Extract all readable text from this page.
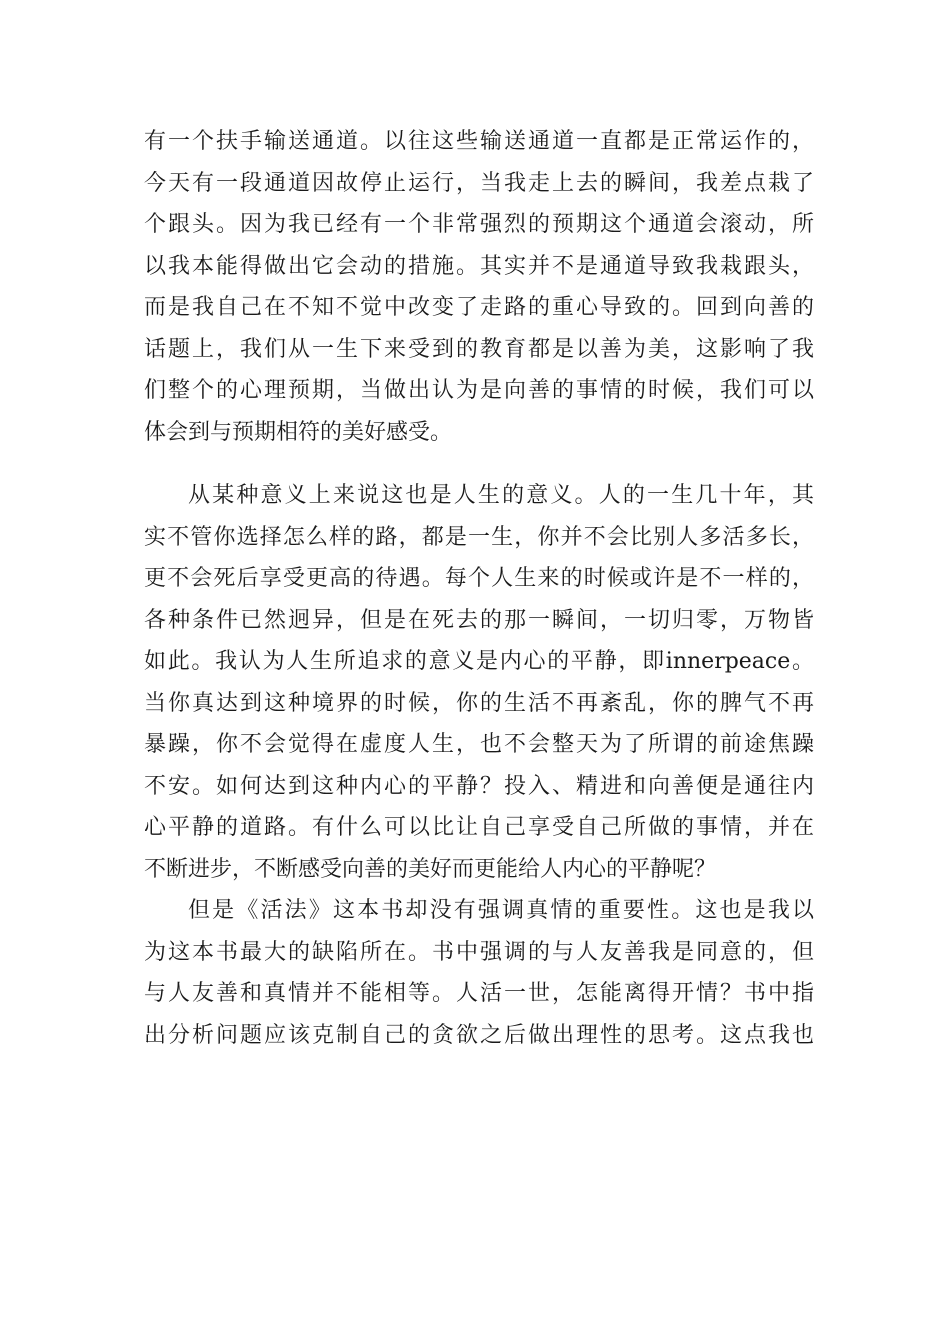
有一个扶手输送通道。以往这些输送通道一直都是正常运作的，
今天有一段通道因故停止运行，当我走上去的瞬间，我差点栽了
个跟头。因为我已经有一个非常强烈的预期这个通道会滚动，所
以我本能得做出它会动的措施。其实并不是通道导致我栽跟头，
而是我自己在不知不觉中改变了走路的重心导致的。回到向善的
话题上，我们从一生下来受到的教育都是以善为美，这影响了我
们整个的心理预期，当做出认为是向善的事情的时候，我们可以
体会到与预期相符的美好感受。
从某种意义上来说这也是人生的意义。人的一生几十年，其
实不管你选择怎么样的路，都是一生，你并不会比别人多活多长，
更不会死后享受更高的待遇。每个人生来的时候或许是不一样的，
各种条件已然迥异，但是在死去的那一瞬间，一切归零，万物皆
如此。我认为人生所追求的意义是内心的平静，即innerpeace。
当你真达到这种境界的时候，你的生活不再紊乱，你的脾气不再
暴躁，你不会觉得在虚度人生，也不会整天为了所谓的前途焦躁
不安。如何达到这种内心的平静？投入、精进和向善便是通往内
心平静的道路。有什么可以比让自己享受自己所做的事情，并在
不断进步，不断感受向善的美好而更能给人内心的平静呢？
但是《活法》这本书却没有强调真情的重要性。这也是我以
为这本书最大的缺陷所在。书中强调的与人友善我是同意的，但
与人友善和真情并不能相等。人活一世，怎能离得开情？书中指
出分析问题应该克制自己的贪欲之后做出理性的思考。这点我也
